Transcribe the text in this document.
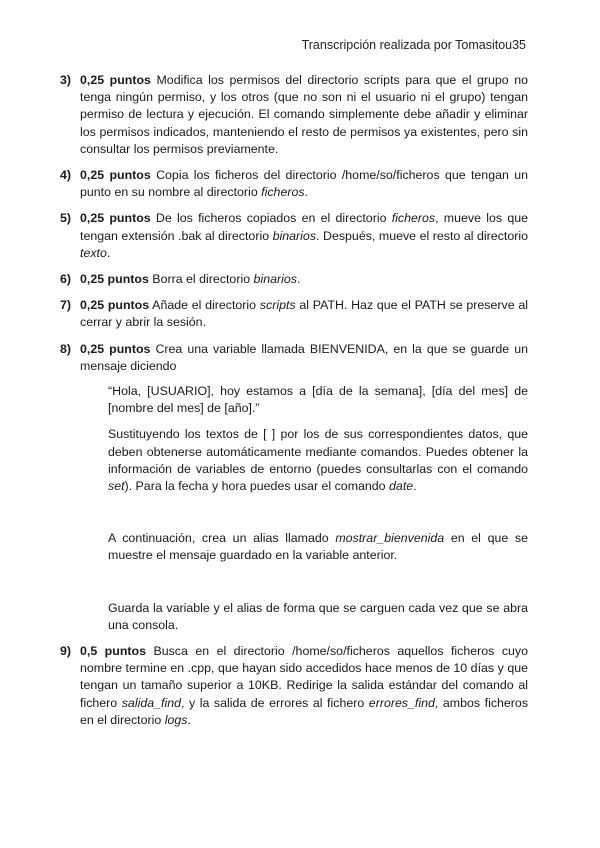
Transcripción realizada por Tomasitou35
3) 0,25 puntos Modifica los permisos del directorio scripts para que el grupo no tenga ningún permiso, y los otros (que no son ni el usuario ni el grupo) tengan permiso de lectura y ejecución. El comando simplemente debe añadir y eliminar los permisos indicados, manteniendo el resto de permisos ya existentes, pero sin consultar los permisos previamente.
4) 0,25 puntos Copia los ficheros del directorio /home/so/ficheros que tengan un punto en su nombre al directorio ficheros.
5) 0,25 puntos De los ficheros copiados en el directorio ficheros, mueve los que tengan extensión .bak al directorio binarios. Después, mueve el resto al directorio texto.
6) 0,25 puntos Borra el directorio binarios.
7) 0,25 puntos Añade el directorio scripts al PATH. Haz que el PATH se preserve al cerrar y abrir la sesión.
8) 0,25 puntos Crea una variable llamada BIENVENIDA, en la que se guarde un mensaje diciendo

“Hola, [USUARIO], hoy estamos a [día de la semana], [día del mes] de [nombre del mes] de [año].”

Sustituyendo los textos de [ ] por los de sus correspondientes datos, que deben obtenerse automáticamente mediante comandos. Puedes obtener la información de variables de entorno (puedes consultarlas con el comando set). Para la fecha y hora puedes usar el comando date.

A continuación, crea un alias llamado mostrar_bienvenida en el que se muestre el mensaje guardado en la variable anterior.

Guarda la variable y el alias de forma que se carguen cada vez que se abra una consola.

9) 0,5 puntos Busca en el directorio /home/so/ficheros aquellos ficheros cuyo nombre termine en .cpp, que hayan sido accedidos hace menos de 10 días y que tengan un tamaño superior a 10KB. Redirige la salida estándar del comando al fichero salida_find, y la salida de errores al fichero errores_find, ambos ficheros en el directorio logs.
